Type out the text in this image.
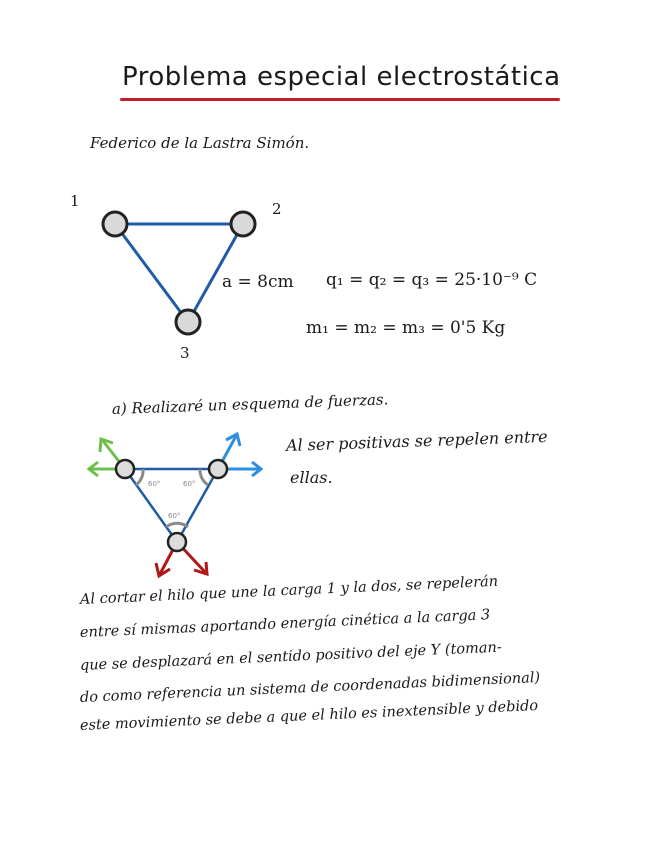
Problema especial electrostática
Federico de la Lastra Simón.
60°	60°
60°
1	2
3
a = 8cm q₁ = q₂ = q₃ = 25·10⁻⁹ C
m₁ = m₂ = m₃ = 0'5 Kg
a) Realizaré un esquema de fuerzas.
Al ser positivas se repelen entre
ellas.
Al cortar el hilo que une la carga 1 y la dos, se repelerán
entre sí mismas aportando energía cinética a la carga 3
que se desplazará en el sentido positivo del eje Y (toman-
do como referencia un sistema de coordenadas bidimensional)
este movimiento se debe a que el hilo es inextensible y debido
